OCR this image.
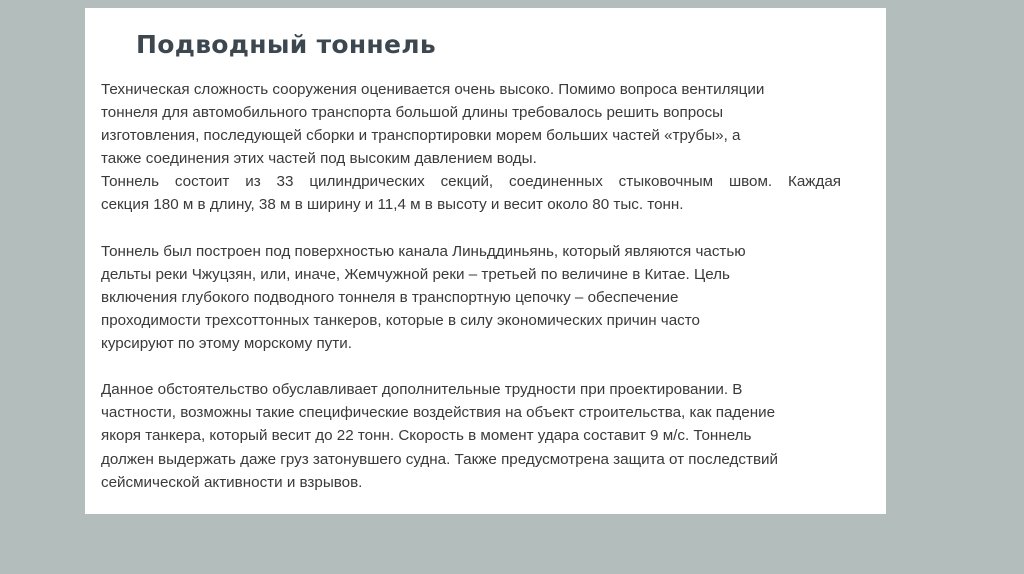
Подводный тоннель
Техническая сложность сооружения оценивается очень высоко. Помимо вопроса вентиляции
тоннеля для автомобильного транспорта большой длины требовалось решить вопросы
изготовления, последующей сборки и транспортировки морем больших частей «трубы», а
также соединения этих частей под высоким давлением воды.
Тоннель состоит из 33 цилиндрических секций, соединенных стыковочным швом. Каждая
секция 180 м в длину, 38 м в ширину и 11,4 м в высоту и весит около 80 тыс. тонн.
Тоннель был построен под поверхностью канала Линьддиньянь, который являются частью
дельты реки Чжуцзян, или, иначе, Жемчужной реки – третьей по величине в Китае. Цель
включения глубокого подводного тоннеля в транспортную цепочку – обеспечение
проходимости трехсоттонных танкеров, которые в силу экономических причин часто
курсируют по этому морскому пути.
Данное обстоятельство обуславливает дополнительные трудности при проектировании. В
частности, возможны такие специфические воздействия на объект строительства, как падение
якоря танкера, который весит до 22 тонн. Скорость в момент удара составит 9 м/с. Тоннель
должен выдержать даже груз затонувшего судна. Также предусмотрена защита от последствий
сейсмической активности и взрывов.
